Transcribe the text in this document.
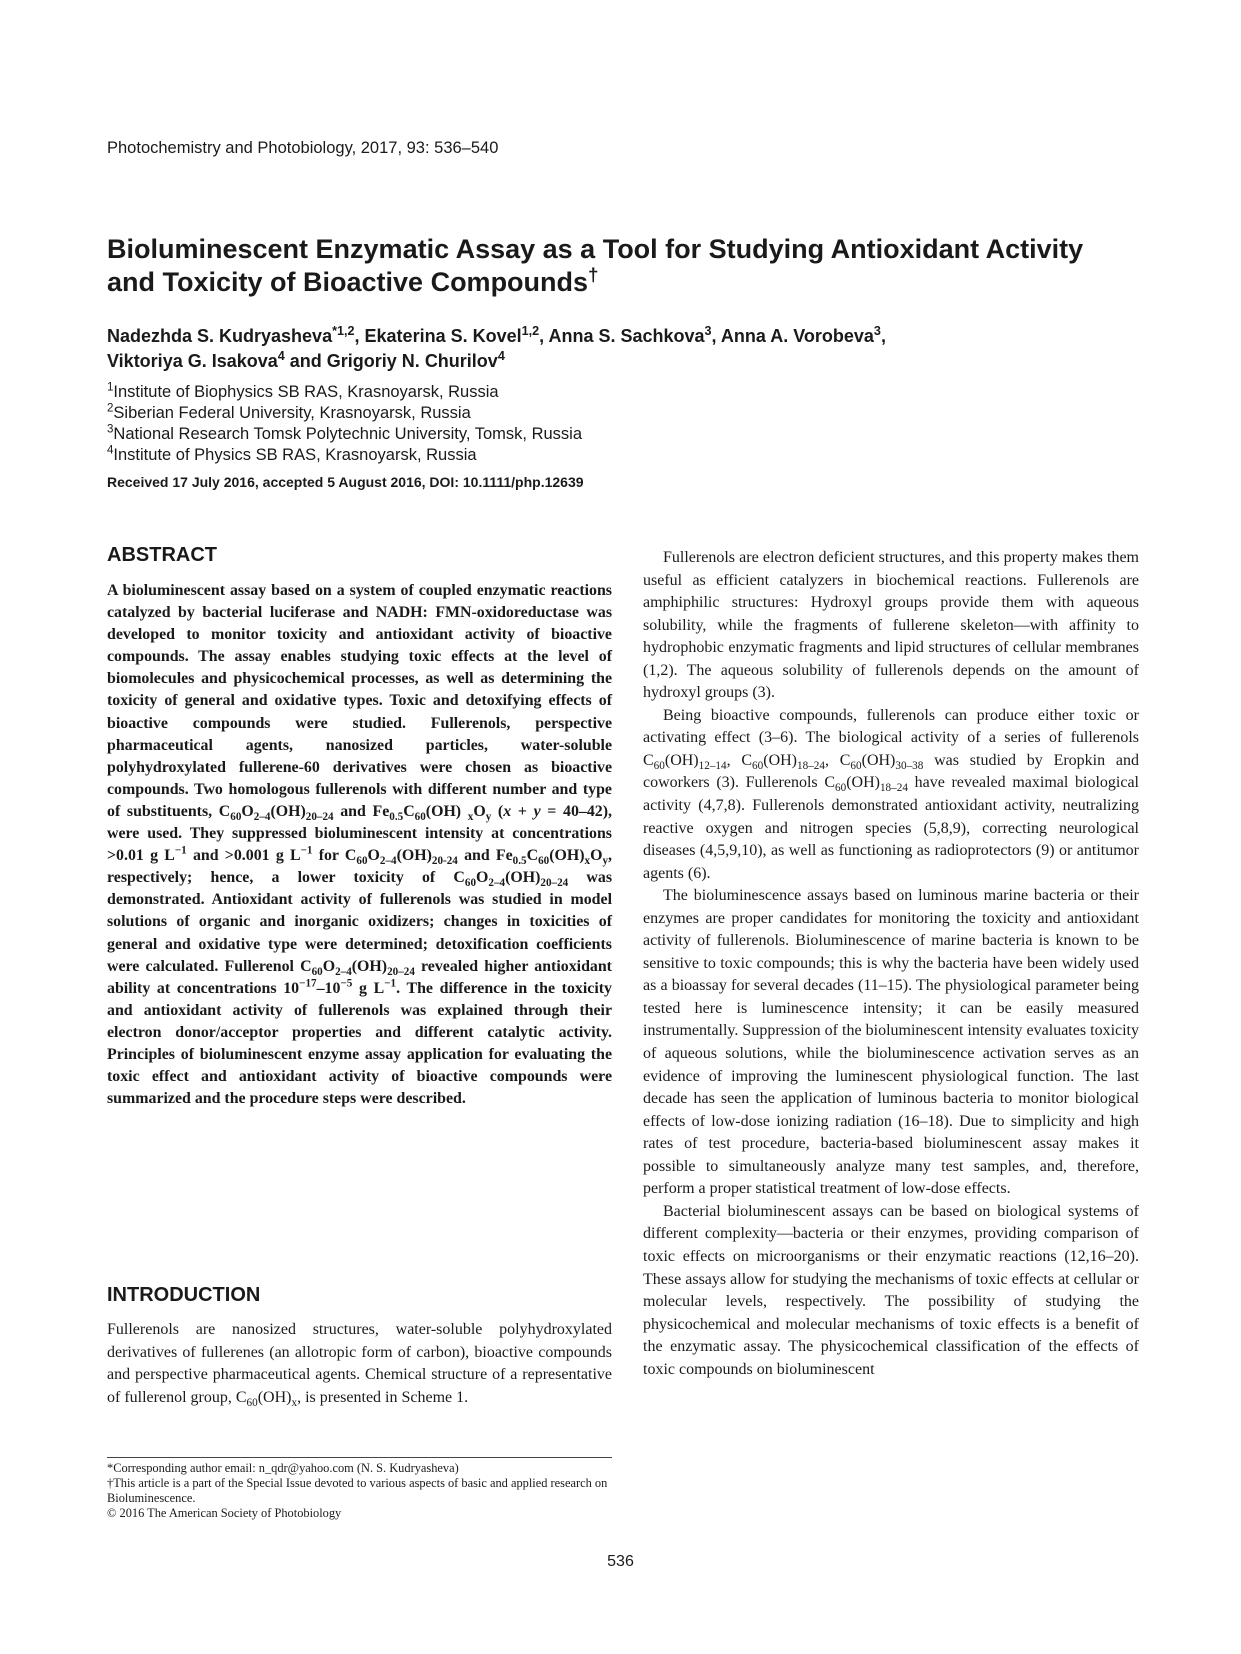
Photochemistry and Photobiology, 2017, 93: 536–540
Bioluminescent Enzymatic Assay as a Tool for Studying Antioxidant Activity and Toxicity of Bioactive Compounds†
Nadezhda S. Kudryasheva$^{*1,2}$, Ekaterina S. Kovel$^{1,2}$, Anna S. Sachkova$^3$, Anna A. Vorobeva$^3$,
Viktoriya G. Isakova$^4$ and Grigoriy N. Churilov$^4$
$^1$Institute of Biophysics SB RAS, Krasnoyarsk, Russia
$^2$Siberian Federal University, Krasnoyarsk, Russia
$^3$National Research Tomsk Polytechnic University, Tomsk, Russia
$^4$Institute of Physics SB RAS, Krasnoyarsk, Russia
Received 17 July 2016, accepted 5 August 2016, DOI: 10.1111/php.12639
ABSTRACT
A bioluminescent assay based on a system of coupled enzymatic reactions catalyzed by bacterial luciferase and NADH: FMN-oxidoreductase was developed to monitor toxicity and antioxidant activity of bioactive compounds. The assay enables studying toxic effects at the level of biomolecules and physicochemical processes, as well as determining the toxicity of general and oxidative types. Toxic and detoxifying effects of bioactive compounds were studied. Fullerenols, perspective pharmaceutical agents, nanosized particles, water-soluble polyhydroxylated fullerene-60 derivatives were chosen as bioactive compounds. Two homologous fullerenols with different number and type of substituents, $C_{60}O_{2-4}(OH)_{20-24}$ and $Fe_{0.5}C_{60}(OH)$ $_xO_y$ (x + y = 40–42), were used. They suppressed bioluminescent intensity at concentrations >0.01 g $L^{-1}$ and >0.001 g $L^{-1}$ for $C_{60}O_{2-4}(OH)_{20-24}$ and $Fe_{0.5}C_{60}(OH)_xO_y$, respectively; hence, a lower toxicity of $C_{60}O_{2-4}(OH)_{20-24}$ was demonstrated. Antioxidant activity of fullerenols was studied in model solutions of organic and inorganic oxidizers; changes in toxicities of general and oxidative type were determined; detoxification coefficients were calculated. Fullerenol $C_{60}O_{2-4}(OH)_{20-24}$ revealed higher antioxidant ability at concentrations $10^{-17}-10^{-5}$ g $L^{-1}$. The difference in the toxicity and antioxidant activity of fullerenols was explained through their electron donor/acceptor properties and different catalytic activity. Principles of bioluminescent enzyme assay application for evaluating the toxic effect and antioxidant activity of bioactive compounds were summarized and the procedure steps were described.
INTRODUCTION
Fullerenols are nanosized structures, water-soluble polyhydroxylated derivatives of fullerenes (an allotropic form of carbon), bioactive compounds and perspective pharmaceutical agents. Chemical structure of a representative of fullerenol group, $C_{60}(OH)_x$, is presented in Scheme 1.
*Corresponding author email: n_qdr@yahoo.com (N. S. Kudryasheva)
†This article is a part of the Special Issue devoted to various aspects of basic and applied research on Bioluminescence.
© 2016 The American Society of Photobiology

Fullerenols are electron deficient structures, and this property makes them useful as efficient catalyzers in biochemical reactions. Fullerenols are amphiphilic structures: Hydroxyl groups provide them with aqueous solubility, while the fragments of fullerene skeleton—with affinity to hydrophobic enzymatic fragments and lipid structures of cellular membranes (1,2). The aqueous solubility of fullerenols depends on the amount of hydroxyl groups (3).

Being bioactive compounds, fullerenols can produce either toxic or activating effect (3–6). The biological activity of a series of fullerenols $C_{60}(OH)_{12-14}$, $C_{60}(OH)_{18-24}$, $C_{60}(OH)_{30-38}$ was studied by Eropkin and coworkers (3). Fullerenols $C_{60}(OH)_{18-24}$ have revealed maximal biological activity (4,7,8). Fullerenols demonstrated antioxidant activity, neutralizing reactive oxygen and nitrogen species (5,8,9), correcting neurological diseases (4,5,9,10), as well as functioning as radioprotectors (9) or antitumor agents (6).

The bioluminescence assays based on luminous marine bacteria or their enzymes are proper candidates for monitoring the toxicity and antioxidant activity of fullerenols. Bioluminescence of marine bacteria is known to be sensitive to toxic compounds; this is why the bacteria have been widely used as a bioassay for several decades (11–15). The physiological parameter being tested here is luminescence intensity; it can be easily measured instrumentally. Suppression of the bioluminescent intensity evaluates toxicity of aqueous solutions, while the bioluminescence activation serves as an evidence of improving the luminescent physiological function. The last decade has seen the application of luminous bacteria to monitor biological effects of low-dose ionizing radiation (16–18). Due to simplicity and high rates of test procedure, bacteria-based bioluminescent assay makes it possible to simultaneously analyze many test samples, and, therefore, perform a proper statistical treatment of low-dose effects.

Bacterial bioluminescent assays can be based on biological systems of different complexity—bacteria or their enzymes, providing comparison of toxic effects on microorganisms or their enzymatic reactions (12,16–20). These assays allow for studying the mechanisms of toxic effects at cellular or molecular levels, respectively. The possibility of studying the physicochemical and molecular mechanisms of toxic effects is a benefit of the enzymatic assay. The physicochemical classification of the effects of toxic compounds on bioluminescent

536
